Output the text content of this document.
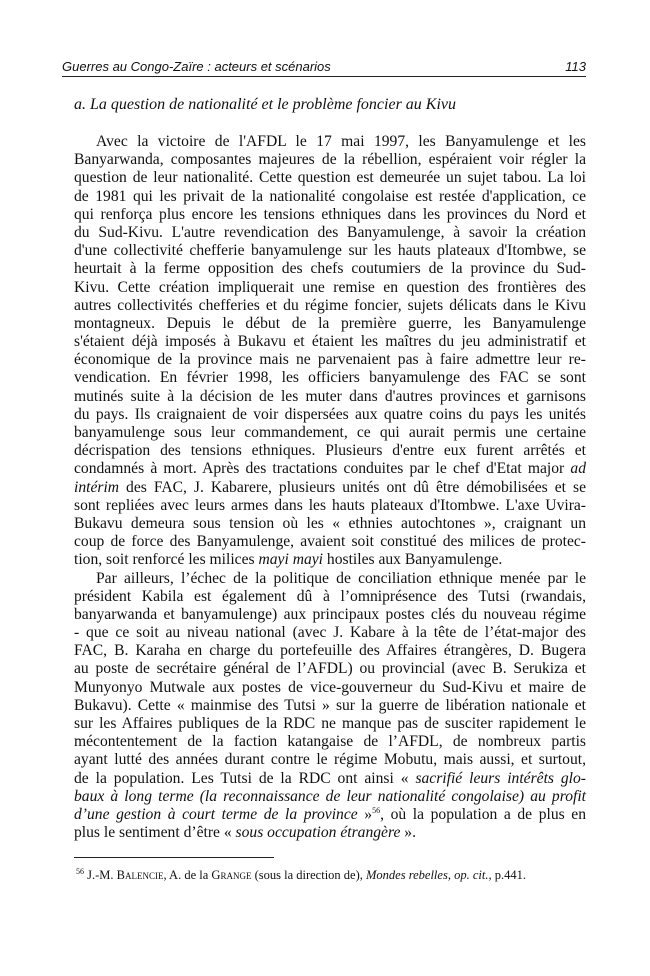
Guerres au Congo-Zaïre : acteurs et scénarios	113
a. La question de nationalité et le problème foncier au Kivu
Avec la victoire de l'AFDL le 17 mai 1997, les Banyamulenge et les
Banyarwanda, composantes majeures de la rébellion, espéraient voir régler la
question de leur nationalité. Cette question est demeurée un sujet tabou. La loi
de 1981 qui les privait de la nationalité congolaise est restée d'application, ce
qui renforça plus encore les tensions ethniques dans les provinces du Nord et
du Sud-Kivu. L'autre revendication des Banyamulenge, à savoir la création
d'une collectivité chefferie banyamulenge sur les hauts plateaux d'Itombwe, se
heurtait à la ferme opposition des chefs coutumiers de la province du Sud-
Kivu. Cette création impliquerait une remise en question des frontières des
autres collectivités chefferies et du régime foncier, sujets délicats dans le Kivu
montagneux. Depuis le début de la première guerre, les Banyamulenge
s'étaient déjà imposés à Bukavu et étaient les maîtres du jeu administratif et
économique de la province mais ne parvenaient pas à faire admettre leur re-
vendication. En février 1998, les officiers banyamulenge des FAC se sont
mutinés suite à la décision de les muter dans d'autres provinces et garnisons
du pays. Ils craignaient de voir dispersées aux quatre coins du pays les unités
banyamulenge sous leur commandement, ce qui aurait permis une certaine
décrispation des tensions ethniques. Plusieurs d'entre eux furent arrêtés et
condamnés à mort. Après des tractations conduites par le chef d'Etat major ad
intérim des FAC, J. Kabarere, plusieurs unités ont dû être démobilisées et se
sont repliées avec leurs armes dans les hauts plateaux d'Itombwe. L'axe Uvira-
Bukavu demeura sous tension où les « ethnies autochtones », craignant un
coup de force des Banyamulenge, avaient soit constitué des milices de protec-
tion, soit renforcé les milices mayi mayi hostiles aux Banyamulenge.
Par ailleurs, l’échec de la politique de conciliation ethnique menée par le
président Kabila est également dû à l’omniprésence des Tutsi (rwandais,
banyarwanda et banyamulenge) aux principaux postes clés du nouveau régime
- que ce soit au niveau national (avec J. Kabare à la tête de l’état-major des
FAC, B. Karaha en charge du portefeuille des Affaires étrangères, D. Bugera
au poste de secrétaire général de l’AFDL) ou provincial (avec B. Serukiza et
Munyonyo Mutwale aux postes de vice-gouverneur du Sud-Kivu et maire de
Bukavu). Cette « mainmise des Tutsi » sur la guerre de libération nationale et
sur les Affaires publiques de la RDC ne manque pas de susciter rapidement le
mécontentement de la faction katangaise de l’AFDL, de nombreux partis
ayant lutté des années durant contre le régime Mobutu, mais aussi, et surtout,
de la population. Les Tutsi de la RDC ont ainsi « sacrifié leurs intérêts glo-
baux à long terme (la reconnaissance de leur nationalité congolaise) au profit
d’une gestion à court terme de la province »$^{56}$, où la population a de plus en
plus le sentiment d’être « sous occupation étrangère ».
$^{56}$ J.-M. Balencie, A. de la Grange (sous la direction de), Mondes rebelles, op. cit., p.441.
